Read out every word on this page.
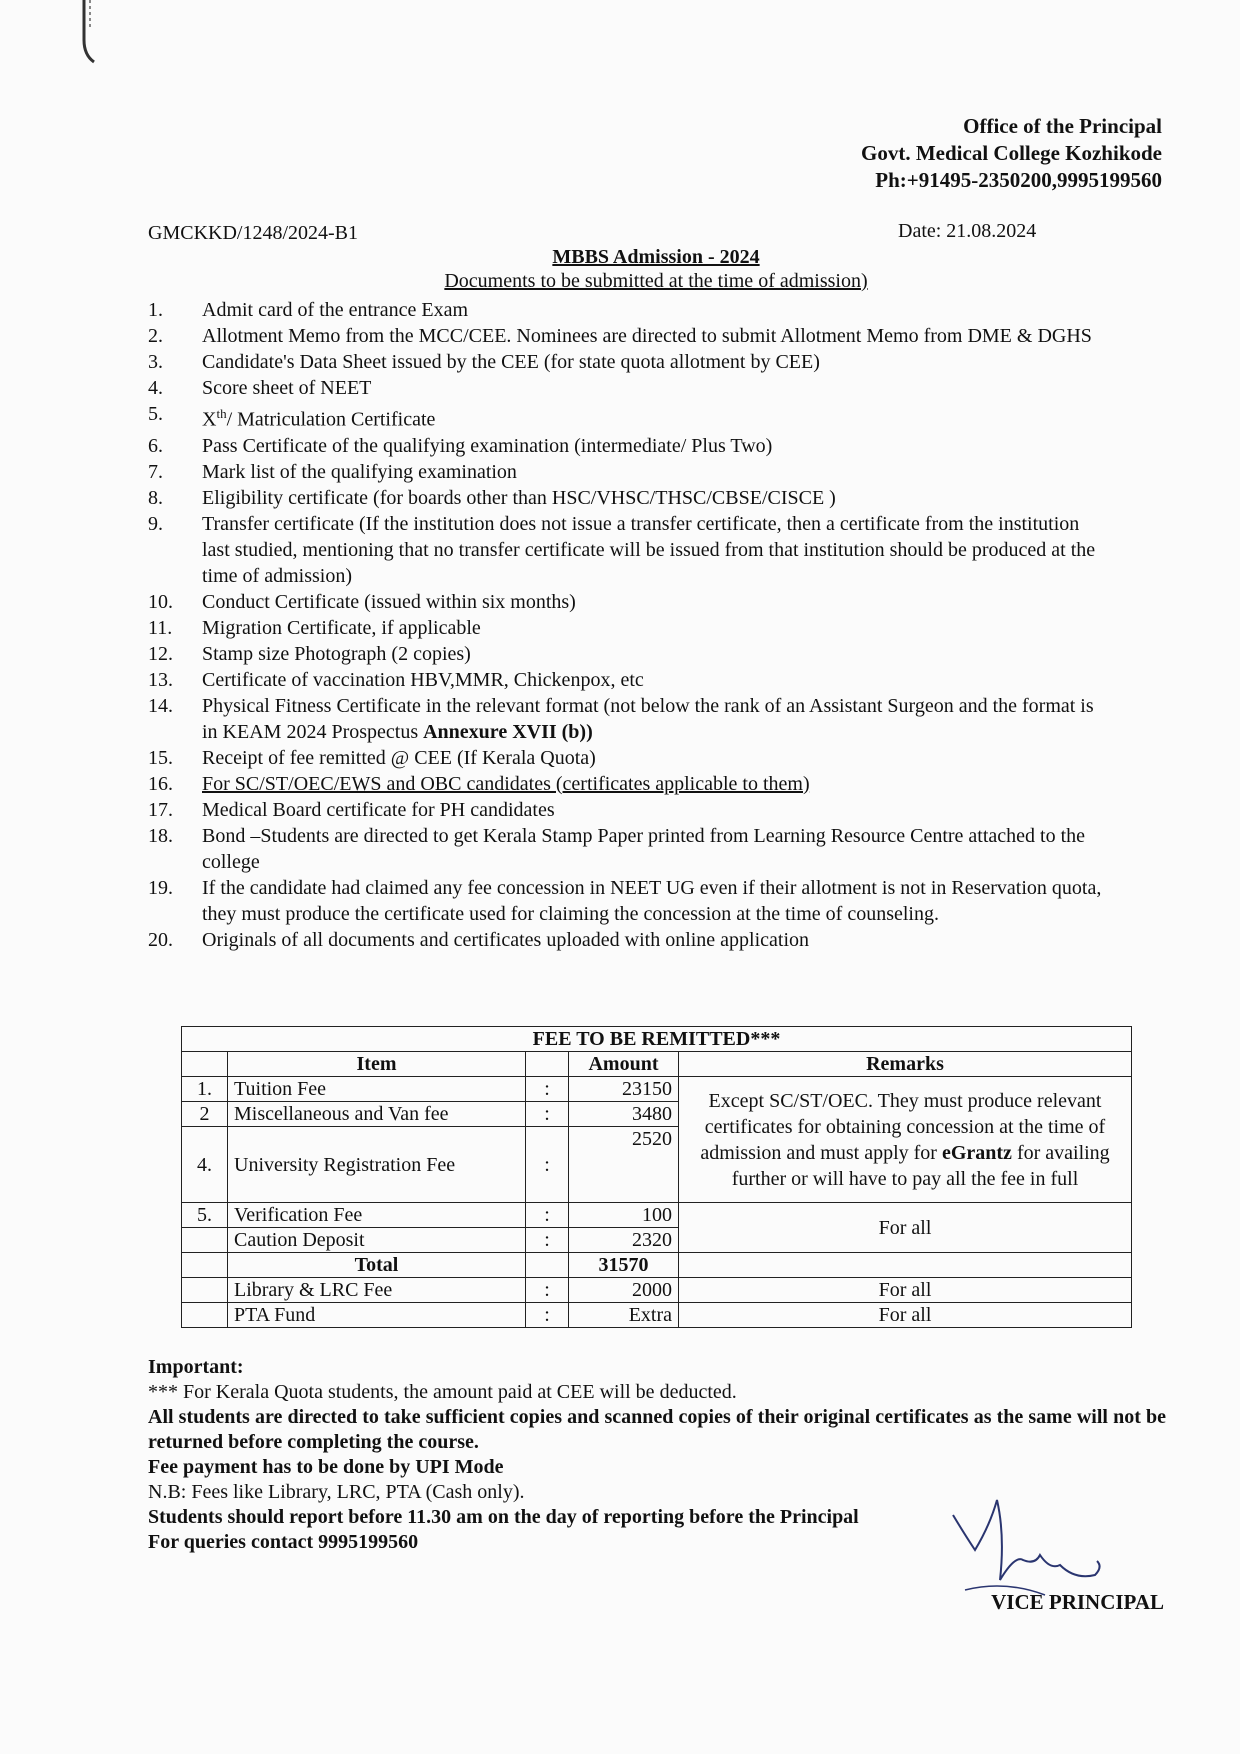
Office of the Principal
Govt. Medical College Kozhikode
Ph:+91495-2350200,9995199560
GMCKKD/1248/2024-B1	Date: 21.08.2024
MBBS Admission - 2024
Documents to be submitted at the time of admission)
1. Admit card of the entrance Exam
2. Allotment Memo from the MCC/CEE. Nominees are directed to submit Allotment Memo from DME & DGHS
3. Candidate's Data Sheet issued by the CEE (for state quota allotment by CEE)
4. Score sheet of NEET
5. Xth/ Matriculation Certificate
6. Pass Certificate of the qualifying examination (intermediate/ Plus Two)
7. Mark list of the qualifying examination
8. Eligibility certificate (for boards other than HSC/VHSC/THSC/CBSE/CISCE )
9. Transfer certificate (If the institution does not issue a transfer certificate, then a certificate from the institution last studied, mentioning that no transfer certificate will be issued from that institution should be produced at the time of admission)
10. Conduct Certificate (issued within six months)
11. Migration Certificate, if applicable
12. Stamp size Photograph (2 copies)
13. Certificate of vaccination HBV,MMR, Chickenpox, etc
14. Physical Fitness Certificate in the relevant format (not below the rank of an Assistant Surgeon and the format is in KEAM 2024 Prospectus Annexure XVII (b))
15. Receipt of fee remitted @ CEE (If Kerala Quota)
16. For SC/ST/OEC/EWS and OBC candidates (certificates applicable to them)
17. Medical Board certificate for PH candidates
18. Bond –Students are directed to get Kerala Stamp Paper printed from Learning Resource Centre attached to the college
19. If the candidate had claimed any fee concession in NEET UG even if their allotment is not in Reservation quota, they must produce the certificate used for claiming the concession at the time of counseling.
20. Originals of all documents and certificates uploaded with online application
FEE TO BE REMITTED***				
	Item		Amount	Remarks
1.	Tuition Fee	:	23150	Except SC/ST/OEC. They must produce relevant certificates for obtaining concession at the time of admission and must apply for eGrantz for availing further or will have to pay all the fee in full
2	Miscellaneous and Van fee	:	3480	
4.	University Registration Fee	:	2520	
5.	Verification Fee	:	100	For all
	Caution Deposit	:	2320	
	Total		31570	
	Library & LRC Fee	:	2000	For all
	PTA Fund	:	Extra	For all

Important:

*** For Kerala Quota students, the amount paid at CEE will be deducted.

All students are directed to take sufficient copies and scanned copies of their original certificates as the same will not be returned before completing the course.

Fee payment has to be done by UPI Mode

N.B: Fees like Library, LRC, PTA (Cash only).

Students should report before 11.30 am on the day of reporting before the Principal

For queries contact 9995199560

VICE PRINCIPAL
